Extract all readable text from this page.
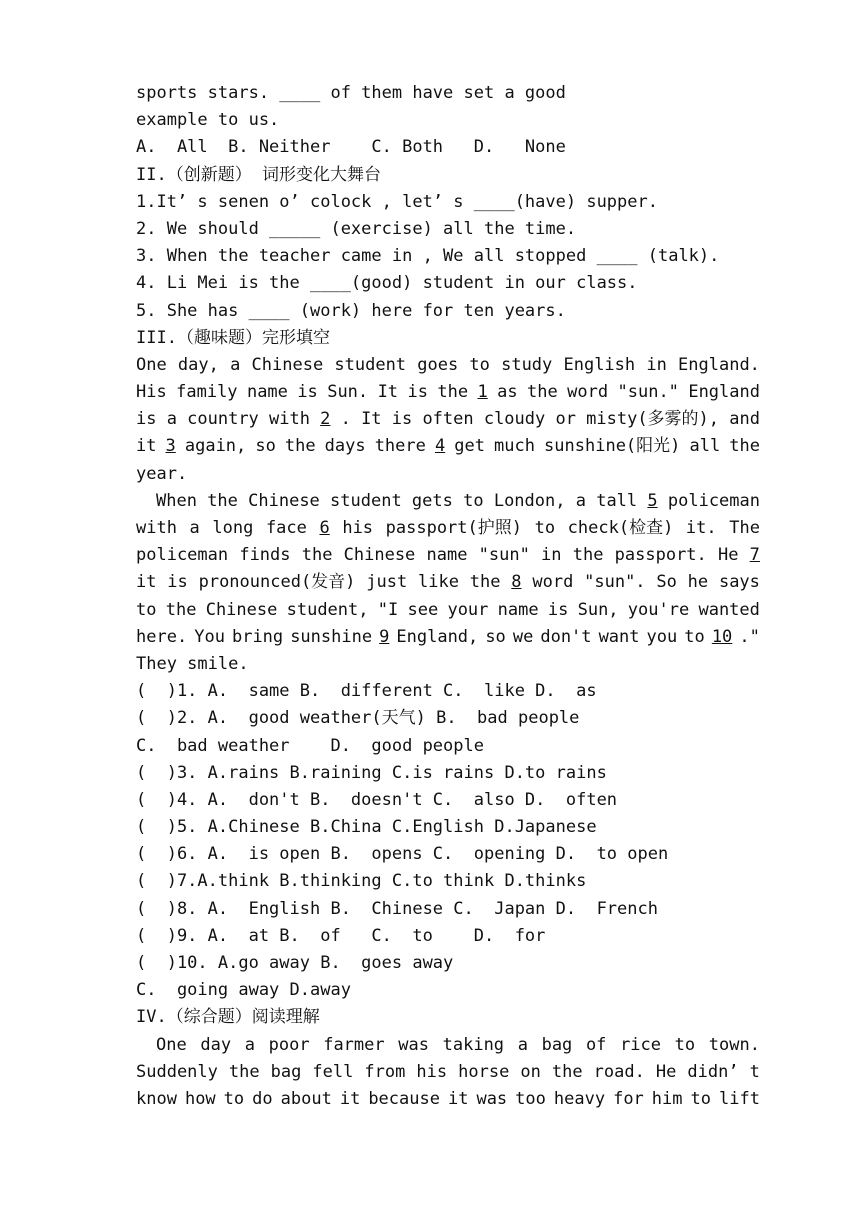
sports stars. ____ of them have set a good
example to us.
A.  All  B. Neither    C. Both   D.   None
II.（创新题） 词形变化大舞台
1.It’ s senen o’ colock , let’ s ____(have) supper.
2. We should _____ (exercise) all the time.
3. When the teacher came in , We all stopped ____ (talk).
4. Li Mei is the ____(good) student in our class.
5. She has ____ (work) here for ten years.
III.（趣味题）完形填空
One day, a Chinese student goes to study English in England.
His family name is Sun. It is the 1 as the word "sun." England
is a country with 2 . It is often cloudy or misty(多雾的), and
it 3 again, so the days there 4 get much sunshine(阳光) all the
year.
When the Chinese student gets to London, a tall 5 policeman
with a long face 6 his passport(护照) to check(检查) it. The
policeman finds the Chinese name "sun" in the passport. He 7
it is pronounced(发音) just like the 8 word "sun". So he says
to the Chinese student, "I see your name is Sun, you're wanted
here. You bring sunshine 9 England, so we don't want you to 10 ."
They smile.
(  )1. A.  same B.  different C.  like D.  as
(  )2. A.  good weather(天气) B.  bad people
C.  bad weather    D.  good people
(  )3. A.rains B.raining C.is rains D.to rains
(  )4. A.  don't B.  doesn't C.  also D.  often
(  )5. A.Chinese B.China C.English D.Japanese
(  )6. A.  is open B.  opens C.  opening D.  to open
(  )7.A.think B.thinking C.to think D.thinks
(  )8. A.  English B.  Chinese C.  Japan D.  French
(  )9. A.  at B.  of   C.  to    D.  for
(  )10. A.go away B.  goes away
C.  going away D.away
IV.（综合题）阅读理解
One day a poor farmer was taking a bag of rice to town.
Suddenly the bag fell from his horse on the road. He didn’ t
know how to do about it because it was too heavy for him to lift
